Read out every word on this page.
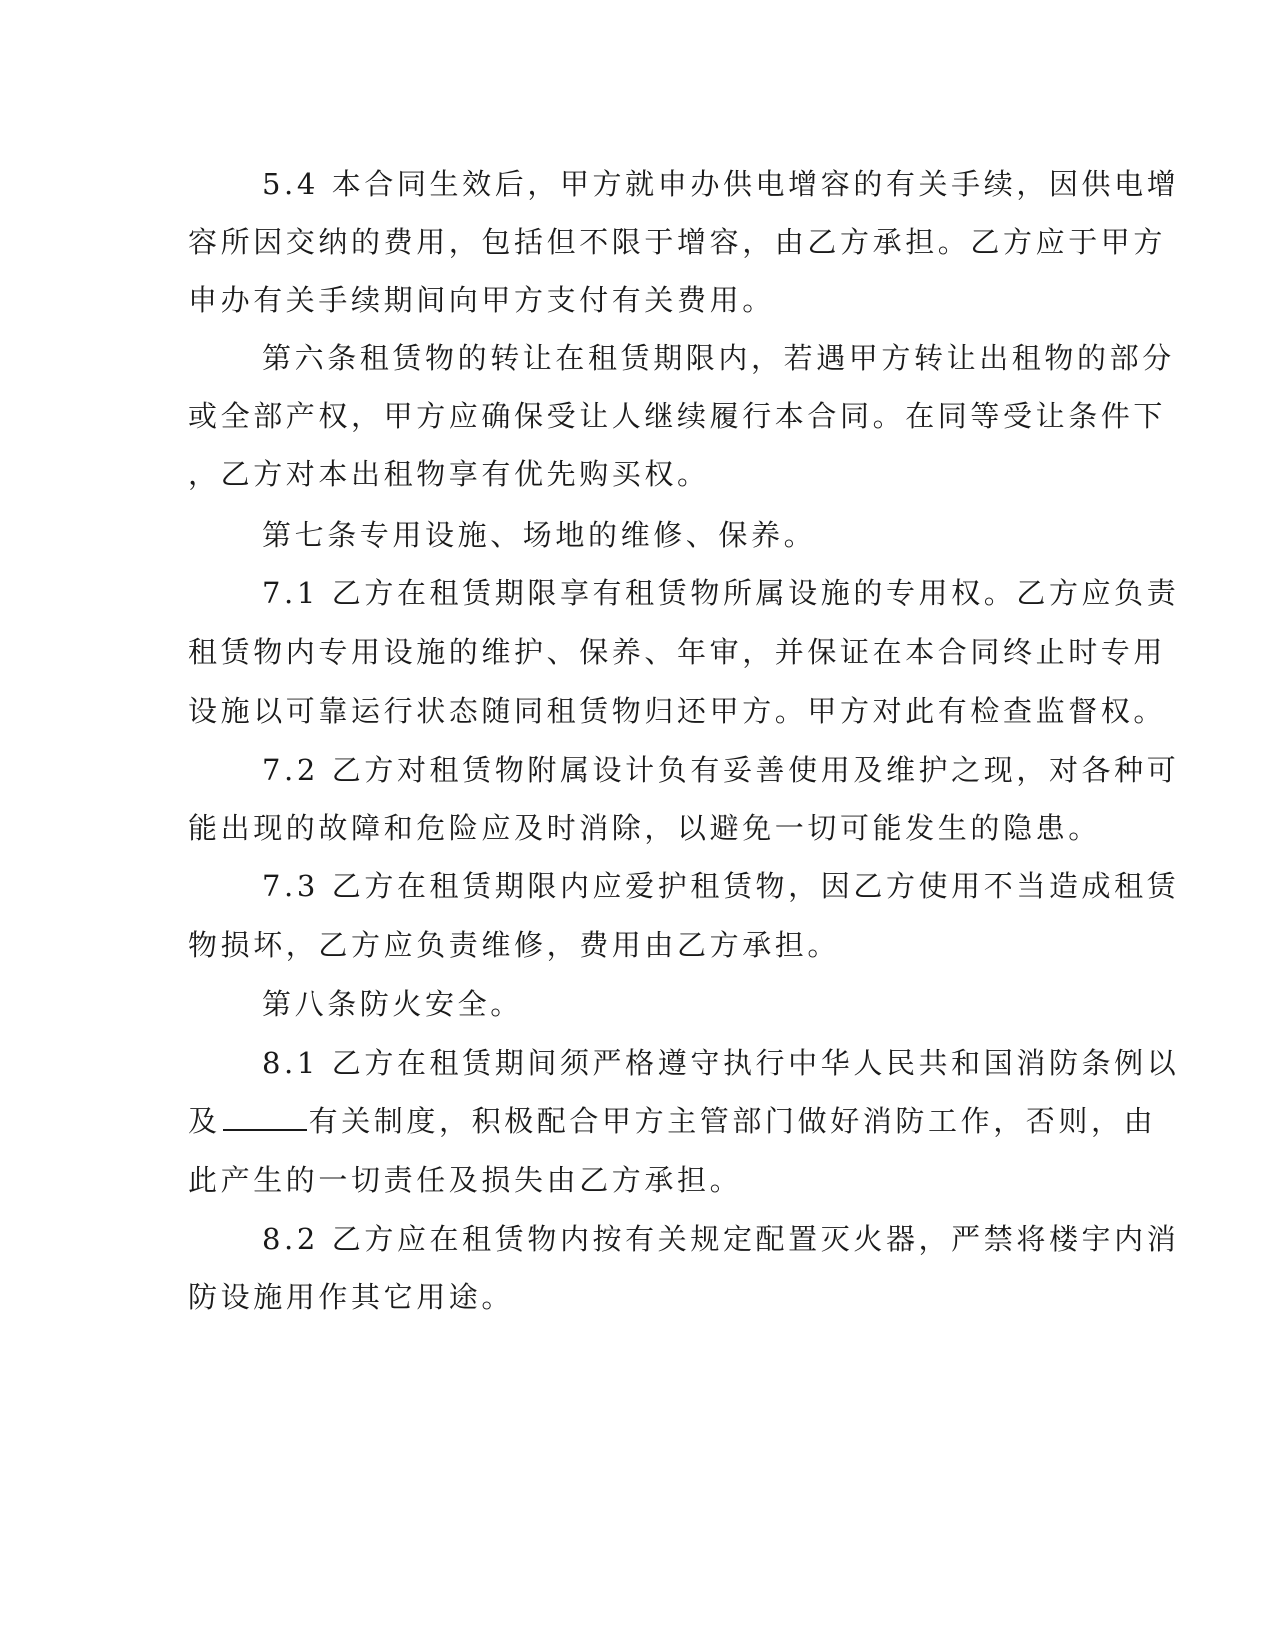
5.4 本合同生效后，甲方就申办供电增容的有关手续，因供电增
容所因交纳的费用，包括但不限于增容，由乙方承担。乙方应于甲方
申办有关手续期间向甲方支付有关费用。
第六条租赁物的转让在租赁期限内，若遇甲方转让出租物的部分
或全部产权，甲方应确保受让人继续履行本合同。在同等受让条件下
，乙方对本出租物享有优先购买权。
第七条专用设施、场地的维修、保养。
7.1 乙方在租赁期限享有租赁物所属设施的专用权。乙方应负责
租赁物内专用设施的维护、保养、年审，并保证在本合同终止时专用
设施以可靠运行状态随同租赁物归还甲方。甲方对此有检查监督权。
7.2 乙方对租赁物附属设计负有妥善使用及维护之现，对各种可
能出现的故障和危险应及时消除，以避免一切可能发生的隐患。
7.3 乙方在租赁期限内应爱护租赁物，因乙方使用不当造成租赁
物损坏，乙方应负责维修，费用由乙方承担。
第八条防火安全。
8.1 乙方在租赁期间须严格遵守执行中华人民共和国消防条例以
及	有关制度，积极配合甲方主管部门做好消防工作，否则，由
此产生的一切责任及损失由乙方承担。
8.2 乙方应在租赁物内按有关规定配置灭火器，严禁将楼宇内消
防设施用作其它用途。
